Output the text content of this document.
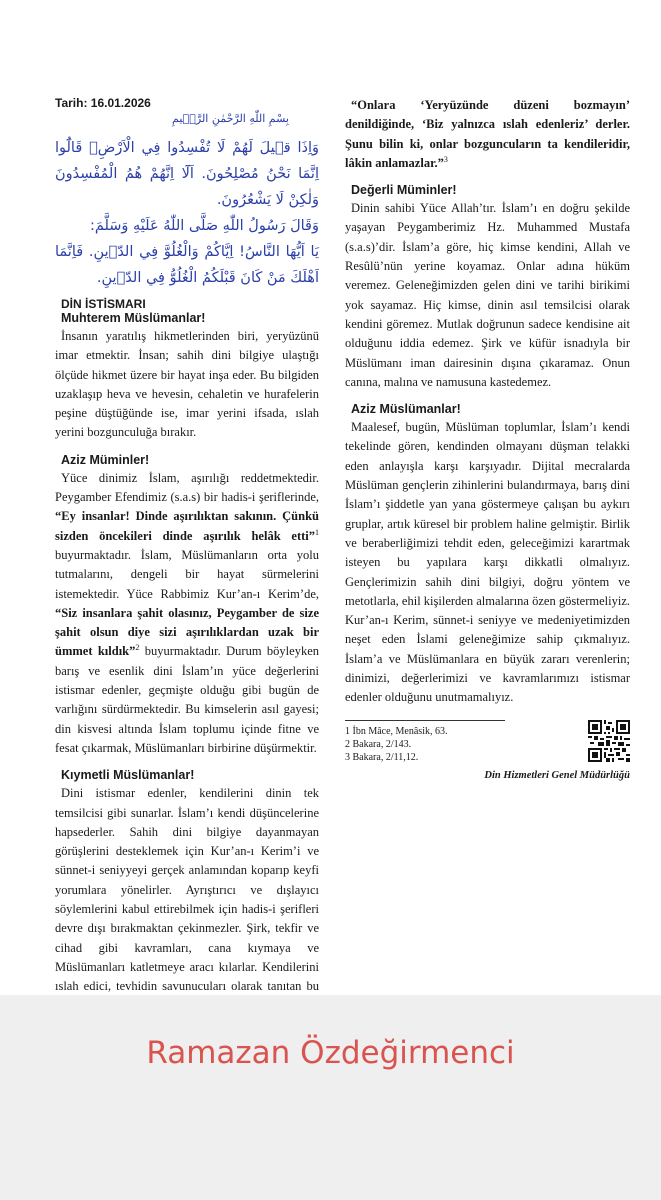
Tarih: 16.01.2026
بِسْمِ اللّٰهِ الرَّحْمٰنِ الرَّح۪يمِ

وَاِذَا ق۪يلَ لَهُمْ لَا تُفْسِدُوا فِي الْاَرْضِۙ قَالُٓوا اِنَّمَا نَحْنُ مُصْلِحُونَ. اَلَٓا اِنَّهُمْ هُمُ الْمُفْسِدُونَ وَلٰكِنْ لَا يَشْعُرُونَ.

وَقَالَ رَسُولُ اللّٰهِ صَلَّى اللّٰهُ عَلَيْهِ وَسَلَّمَ:

يَا اَيُّهَا النَّاسُ! اِيَّاكُمْ وَالْغُلُوَّ فِي الدّ۪ينِ. فَاِنَّمَا اَهْلَكَ مَنْ كَانَ قَبْلَكُمُ الْغُلُوُّ فِي الدّ۪ينِ.

DİN İSTİSMARI
Muhterem Müslümanlar!

İnsanın yaratılış hikmetlerinden biri, yeryüzünü imar etmektir. İnsan; sahih dini bilgiye ulaştığı ölçüde hikmet üzere bir hayat inşa eder. Bu bilgiden uzaklaşıp heva ve hevesin, cehaletin ve hurafelerin peşine düştüğünde ise, imar yerini ifsada, ıslah yerini bozgunculuğa bırakır.

Aziz Müminler!

Yüce dinimiz İslam, aşırılığı reddetmektedir. Peygamber Efendimiz (s.a.s) bir hadis-i şeriflerinde, “Ey insanlar! Dinde aşırılıktan sakının. Çünkü sizden öncekileri dinde aşırılık helâk etti”$^1$ buyurmaktadır. İslam, Müslümanların orta yolu tutmalarını, dengeli bir hayat sürmelerini istemektedir. Yüce Rabbimiz Kur’an-ı Kerim’de, “Siz insanlara şahit olasınız, Peygamber de size şahit olsun diye sizi aşırılıklardan uzak bir ümmet kıldık”$^2$ buyurmaktadır. Durum böyleyken barış ve esenlik dini İslam’ın yüce değerlerini istismar edenler, geçmişte olduğu gibi bugün de varlığını sürdürmektedir. Bu kimselerin asıl gayesi; din kisvesi altında İslam toplumu içinde fitne ve fesat çıkarmak, Müslümanları birbirine düşürmektir.

Kıymetli Müslümanlar!

Dini istismar edenler, kendilerini dinin tek temsilcisi gibi sunarlar. İslam’ı kendi düşüncelerine hapsederler. Sahih dini bilgiye dayanmayan görüşlerini desteklemek için Kur’an-ı Kerim’i ve sünnet-i seniyyeyi gerçek anlamından koparıp keyfi yorumlara yönelirler. Ayrıştırıcı ve dışlayıcı söylemlerini kabul ettirebilmek için hadis-i şerifleri devre dışı bırakmaktan çekinmezler. Şirk, tekfir ve cihad gibi kavramları, cana kıymaya ve Müslümanları katletmeye aracı kılarlar. Kendilerini ıslah edici, tevhidin savunucuları olarak tanıtan bu

“Onlara ‘Yeryüzünde düzeni bozmayın’ denildiğinde, ‘Biz yalnızca ıslah edenleriz’ derler. Şunu bilin ki, onlar bozguncuların ta kendileridir, lâkin anlamazlar.”$^3$

Değerli Müminler!

Dinin sahibi Yüce Allah’tır. İslam’ı en doğru şekilde yaşayan Peygamberimiz Hz. Muhammed Mustafa (s.a.s)’dir. İslam’a göre, hiç kimse kendini, Allah ve Resûlü’nün yerine koyamaz. Onlar adına hüküm veremez. Geleneğimizden gelen dini ve tarihi birikimi yok sayamaz. Hiç kimse, dinin asıl temsilcisi olarak kendini göremez. Mutlak doğrunun sadece kendisine ait olduğunu iddia edemez. Şirk ve küfür isnadıyla bir Müslümanı iman dairesinin dışına çıkaramaz. Onun canına, malına ve namusuna kastedemez.

Aziz Müslümanlar!

Maalesef, bugün, Müslüman toplumlar, İslam’ı kendi tekelinde gören, kendinden olmayanı düşman telakki eden anlayışla karşı karşıyadır. Dijital mecralarda Müslüman gençlerin zihinlerini bulandırmaya, barış dini İslam’ı şiddetle yan yana göstermeye çalışan bu aykırı gruplar, artık küresel bir problem haline gelmiştir. Birlik ve beraberliğimizi tehdit eden, geleceğimizi karartmak isteyen bu yapılara karşı dikkatli olmalıyız. Gençlerimizin sahih dini bilgiyi, doğru yöntem ve metotlarla, ehil kişilerden almalarına özen göstermeliyiz. Kur’an-ı Kerim, sünnet-i seniyye ve medeniyetimizden neşet eden İslami geleneğimize sahip çıkmalıyız. İslam’a ve Müslümanlara en büyük zararı verenlerin; dinimizi, değerlerimizi ve kavramlarımızı istismar edenler olduğunu unutmamalıyız.

1 İbn Mâce, Menâsik, 63.

2 Bakara, 2/143.

3 Bakara, 2/11,12.

Din Hizmetleri Genel Müdürlüğü
Ramazan Özdeğirmenci
